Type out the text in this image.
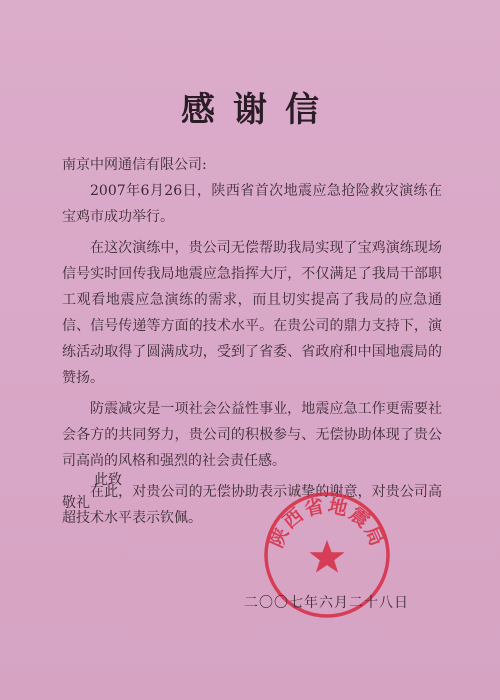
感谢信
南京中网通信有限公司:

2007年6月26日，陕西省首次地震应急抢险救灾演练在宝鸡市成功举行。

在这次演练中，贵公司无偿帮助我局实现了宝鸡演练现场信号实时回传我局地震应急指挥大厅，不仅满足了我局干部职工观看地震应急演练的需求，而且切实提高了我局的应急通信、信号传递等方面的技术水平。在贵公司的鼎力支持下，演练活动取得了圆满成功，受到了省委、省政府和中国地震局的赞扬。

防震减灾是一项社会公益性事业，地震应急工作更需要社会各方的共同努力，贵公司的积极参与、无偿协助体现了贵公司高尚的风格和强烈的社会责任感。

在此，对贵公司的无偿协助表示诚挚的谢意，对贵公司高超技术水平表示钦佩。

此致
敬礼
陕西省地震局
二〇〇七年六月二十八日
